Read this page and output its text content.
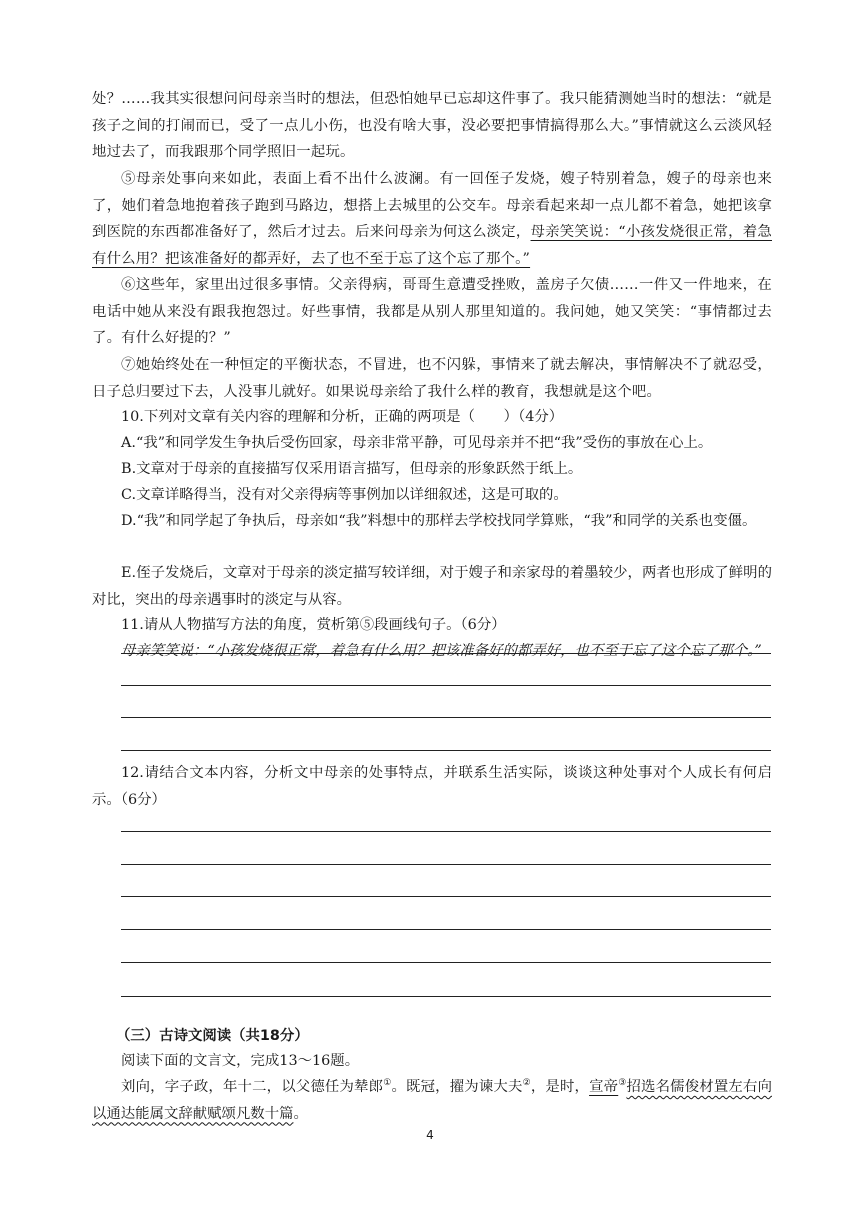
处？……我其实很想问问母亲当时的想法，但恐怕她早已忘却这件事了。我只能猜测她当时的想法：“就是孩子之间的打闹而已，受了一点儿小伤，也没有啥大事，没必要把事情搞得那么大。”事情就这么云淡风轻地过去了，而我跟那个同学照旧一起玩。

⑤母亲处事向来如此，表面上看不出什么波澜。有一回侄子发烧，嫂子特别着急，嫂子的母亲也来了，她们着急地抱着孩子跑到马路边，想搭上去城里的公交车。母亲看起来却一点儿都不着急，她把该拿到医院的东西都准备好了，然后才过去。后来问母亲为何这么淡定，母亲笑笑说：“小孩发烧很正常，着急有什么用？把该准备好的都弄好，去了也不至于忘了这个忘了那个。”

⑥这些年，家里出过很多事情。父亲得病，哥哥生意遭受挫败，盖房子欠债……一件又一件地来，在电话中她从来没有跟我抱怨过。好些事情，我都是从别人那里知道的。我问她，她又笑笑：“事情都过去了。有什么好提的？”

⑦她始终处在一种恒定的平衡状态，不冒进，也不闪躲，事情来了就去解决，事情解决不了就忍受，日子总归要过下去，人没事儿就好。如果说母亲给了我什么样的教育，我想就是这个吧。

10.下列对文章有关内容的理解和分析，正确的两项是（　　）（4分）

A.“我”和同学发生争执后受伤回家，母亲非常平静，可见母亲并不把“我”受伤的事放在心上。

B.文章对于母亲的直接描写仅采用语言描写，但母亲的形象跃然于纸上。

C.文章详略得当，没有对父亲得病等事例加以详细叙述，这是可取的。

D.“我”和同学起了争执后，母亲如“我”料想中的那样去学校找同学算账，“我”和同学的关系也变僵。

E.侄子发烧后，文章对于母亲的淡定描写较详细，对于嫂子和亲家母的着墨较少，两者也形成了鲜明的对比，突出的母亲遇事时的淡定与从容。

11.请从人物描写方法的角度，赏析第⑤段画线句子。（6分）

母亲笑笑说：“小孩发烧很正常，着急有什么用？把该准备好的都弄好，也不至于忘了这个忘了那个。”

12.请结合文本内容，分析文中母亲的处事特点，并联系生活实际，谈谈这种处事对个人成长有何启示。（6分）

（三）古诗文阅读（共18分）

阅读下面的文言文，完成13～16题。

刘向，字子政，年十二，以父德任为辇郎①。既冠，擢为谏大夫②，是时，宣帝③招选名儒俊材置左右向以通达能属文辞献赋颂凡数十篇。

4
